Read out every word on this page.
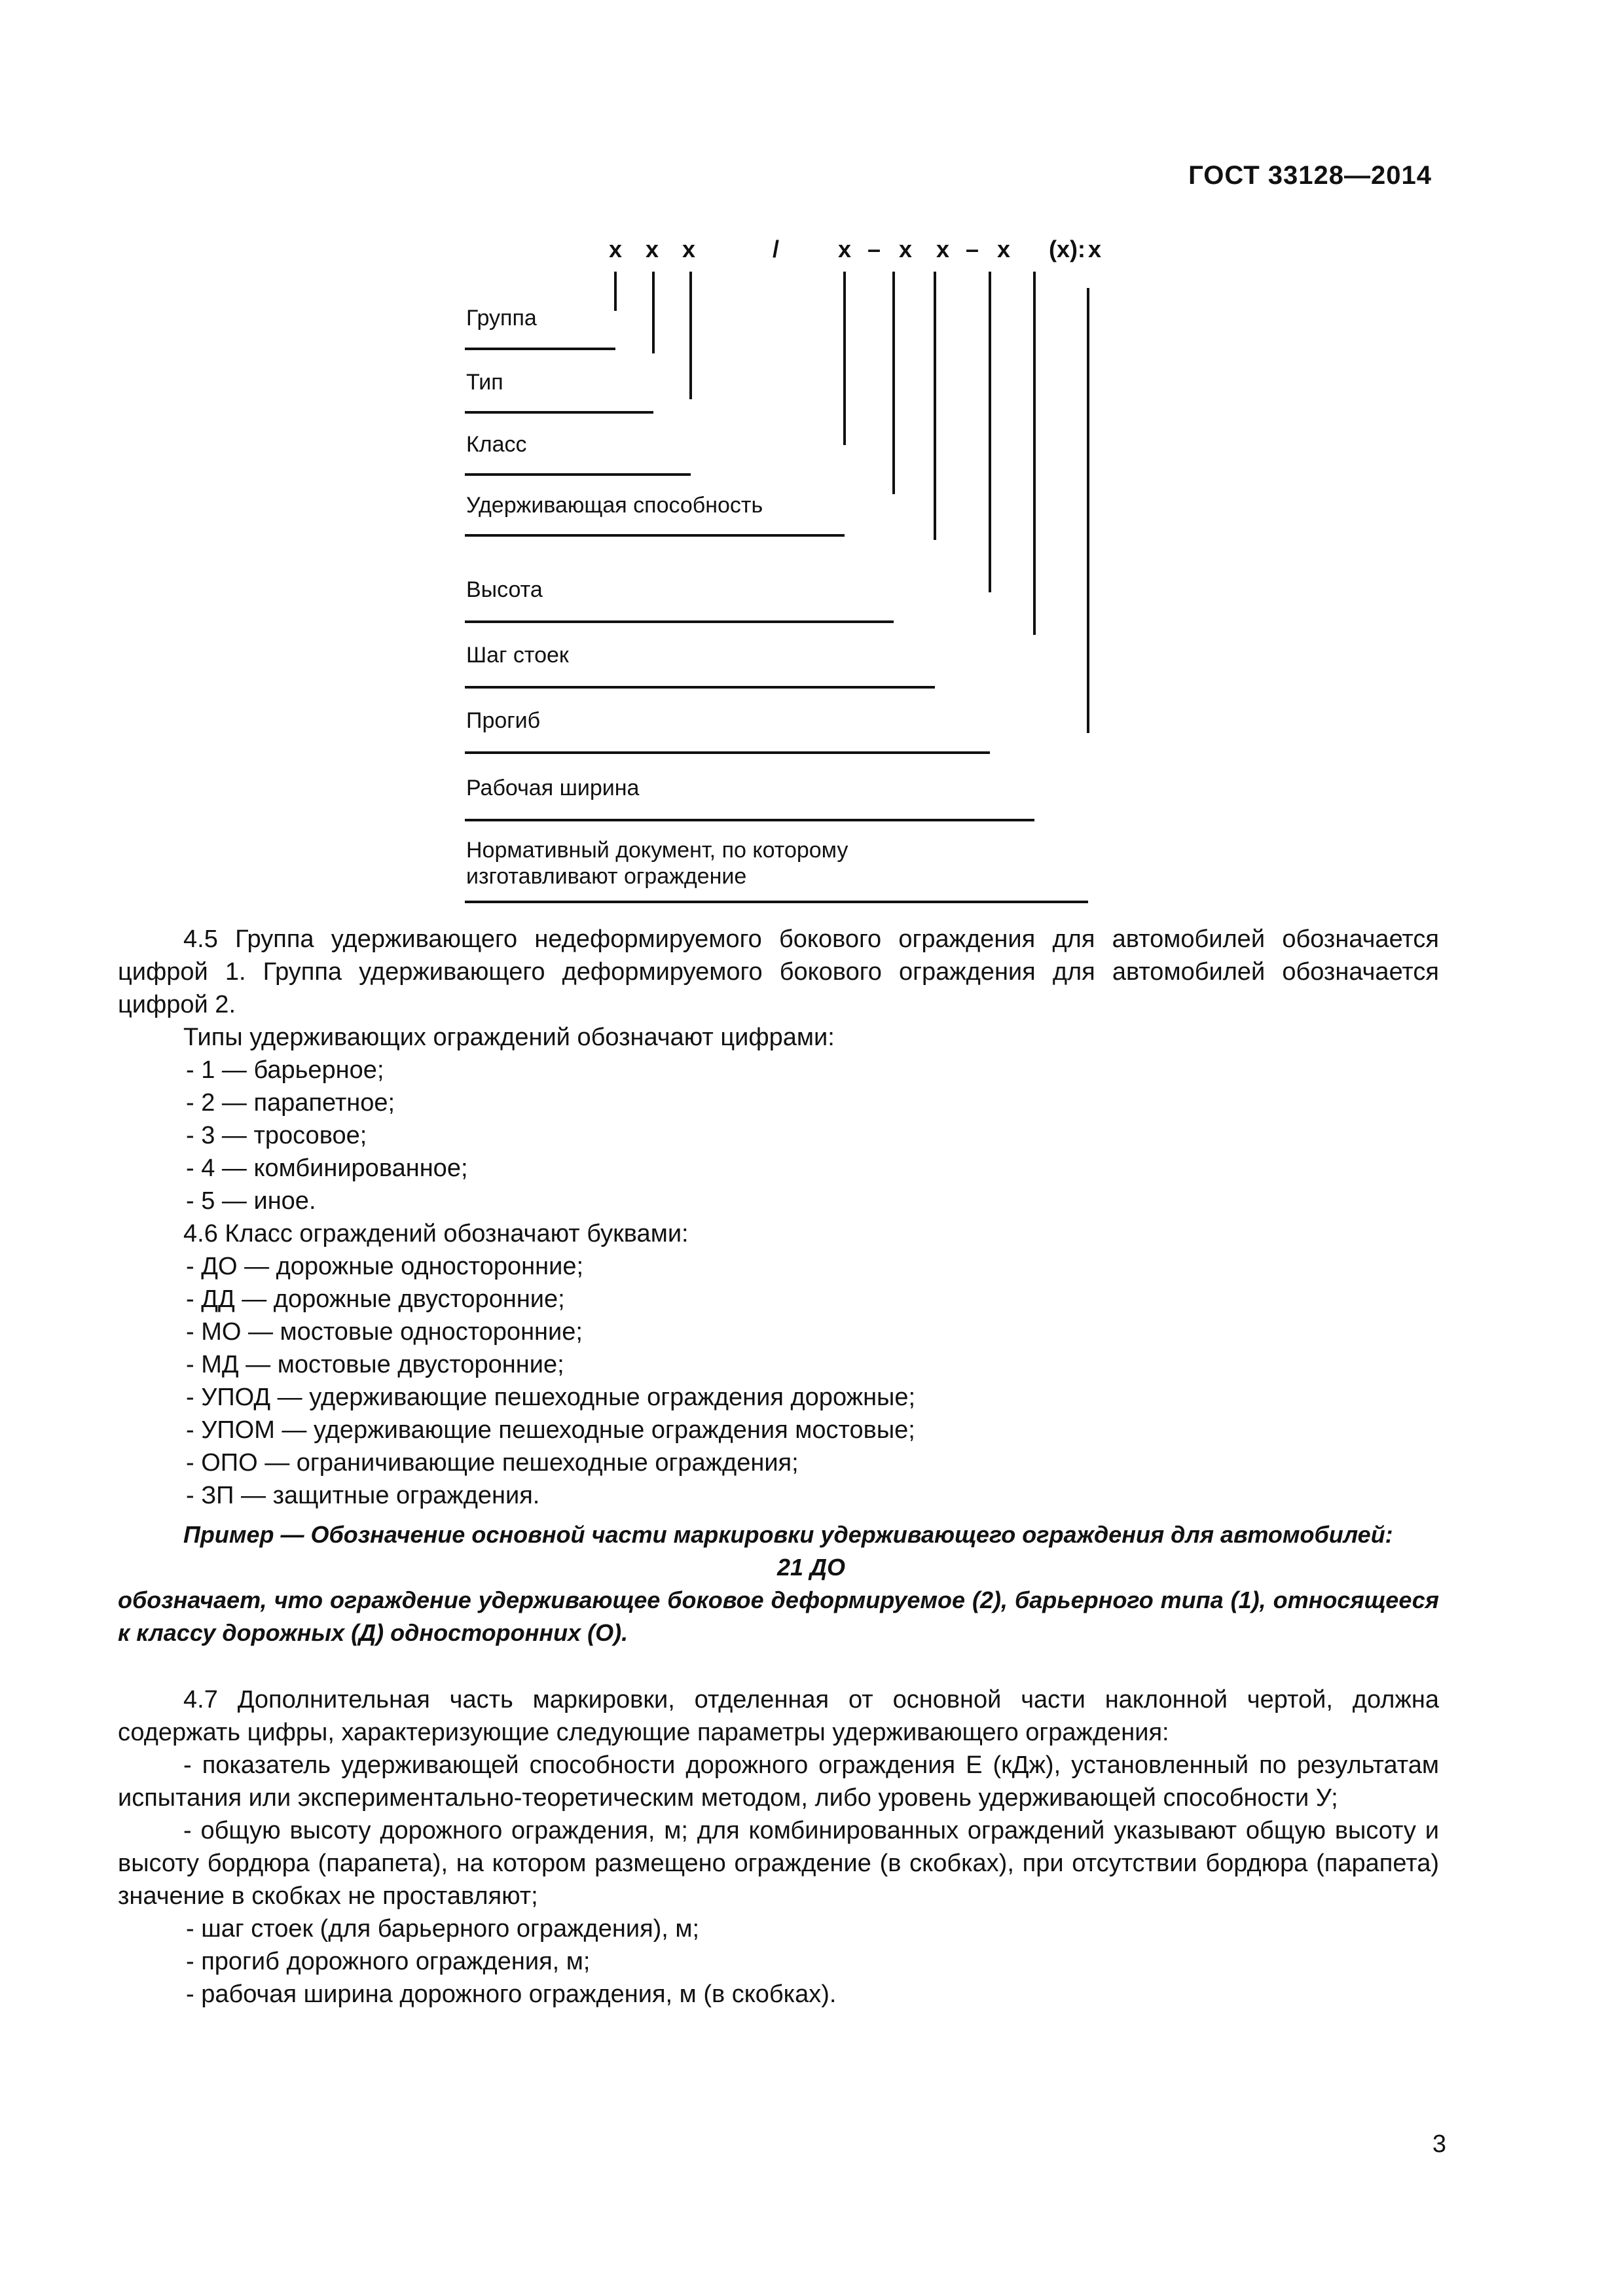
ГОСТ 33128—2014
x x x	/ x – x x – x (x): x
Группа
Тип
Класс
Удерживающая способность
Высота
Шаг стоек
Прогиб
Рабочая ширина
Нормативный документ, по которому
изготавливают ограждение

4.5 Группа удерживающего недеформируемого бокового ограждения для автомобилей обозначается цифрой 1. Группа удерживающего деформируемого бокового ограждения для автомобилей обозначается цифрой 2.

Типы удерживающих ограждений обозначают цифрами:

- 1 — барьерное;

- 2 — парапетное;

- 3 — тросовое;

- 4 — комбинированное;

- 5 — иное.

4.6 Класс ограждений обозначают буквами:

- ДО — дорожные односторонние;

- ДД — дорожные двусторонние;

- МО — мостовые односторонние;

- МД — мостовые двусторонние;

- УПОД — удерживающие пешеходные ограждения дорожные;

- УПОМ — удерживающие пешеходные ограждения мостовые;

- ОПО — ограничивающие пешеходные ограждения;

- ЗП — защитные ограждения.

Пример — Обозначение основной части маркировки удерживающего ограждения для автомобилей:

21 ДО

обозначает, что ограждение удерживающее боковое деформируемое (2), барьерного типа (1), относящееся к классу дорожных (Д) односторонних (О).

4.7 Дополнительная часть маркировки, отделенная от основной части наклонной чертой, должна содержать цифры, характеризующие следующие параметры удерживающего ограждения:

- показатель удерживающей способности дорожного ограждения Е (кДж), установленный по результатам испытания или экспериментально-теоретическим методом, либо уровень удерживающей способности У;

- общую высоту дорожного ограждения, м; для комбинированных ограждений указывают общую высоту и высоту бордюра (парапета), на котором размещено ограждение (в скобках), при отсутствии бордюра (парапета) значение в скобках не проставляют;

- шаг стоек (для барьерного ограждения), м;

- прогиб дорожного ограждения, м;

- рабочая ширина дорожного ограждения, м (в скобках).

3
